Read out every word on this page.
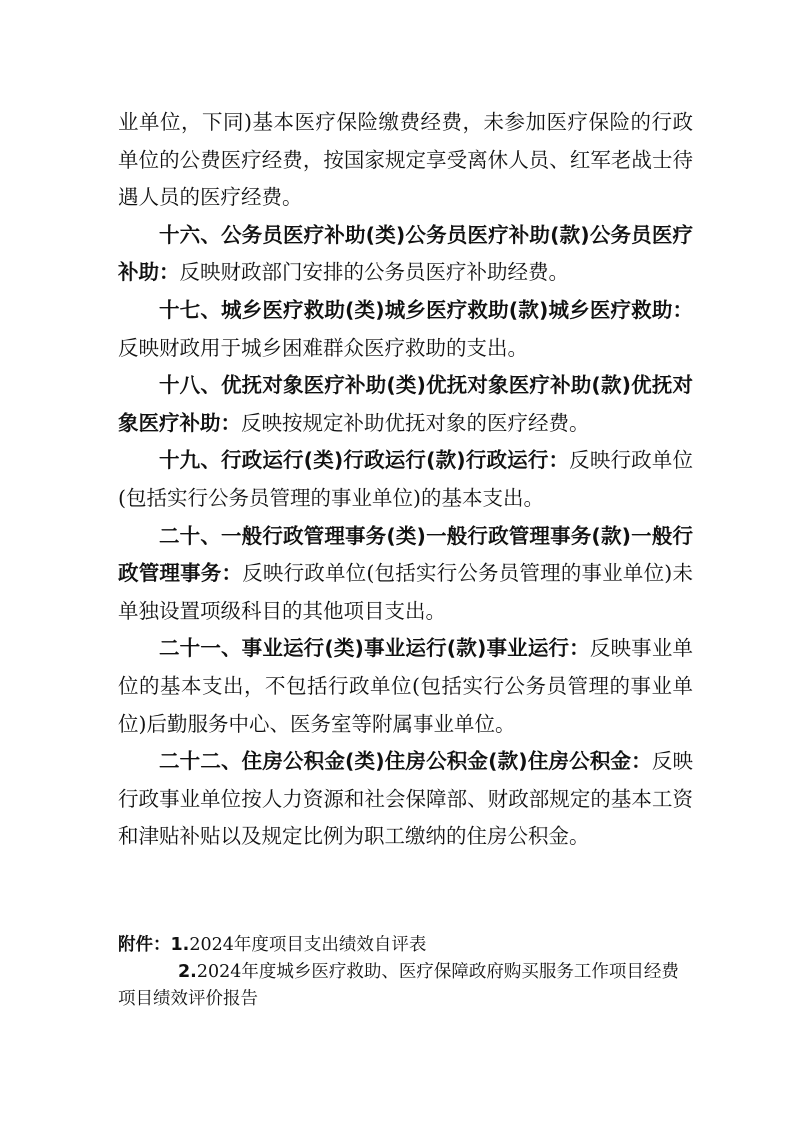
业单位，下同)基本医疗保险缴费经费，未参加医疗保险的行政单位的公费医疗经费，按国家规定享受离休人员、红军老战士待遇人员的医疗经费。

十六、公务员医疗补助(类)公务员医疗补助(款)公务员医疗补助：反映财政部门安排的公务员医疗补助经费。

十七、城乡医疗救助(类)城乡医疗救助(款)城乡医疗救助：反映财政用于城乡困难群众医疗救助的支出。

十八、优抚对象医疗补助(类)优抚对象医疗补助(款)优抚对象医疗补助：反映按规定补助优抚对象的医疗经费。

十九、行政运行(类)行政运行(款)行政运行：反映行政单位(包括实行公务员管理的事业单位)的基本支出。

二十、一般行政管理事务(类)一般行政管理事务(款)一般行政管理事务：反映行政单位(包括实行公务员管理的事业单位)未单独设置项级科目的其他项目支出。

二十一、事业运行(类)事业运行(款)事业运行：反映事业单位的基本支出，不包括行政单位(包括实行公务员管理的事业单位)后勤服务中心、医务室等附属事业单位。

二十二、住房公积金(类)住房公积金(款)住房公积金：反映行政事业单位按人力资源和社会保障部、财政部规定的基本工资和津贴补贴以及规定比例为职工缴纳的住房公积金。

附件：1.2024年度项目支出绩效自评表

2.2024年度城乡医疗救助、医疗保障政府购买服务工作项目经费项目绩效评价报告
